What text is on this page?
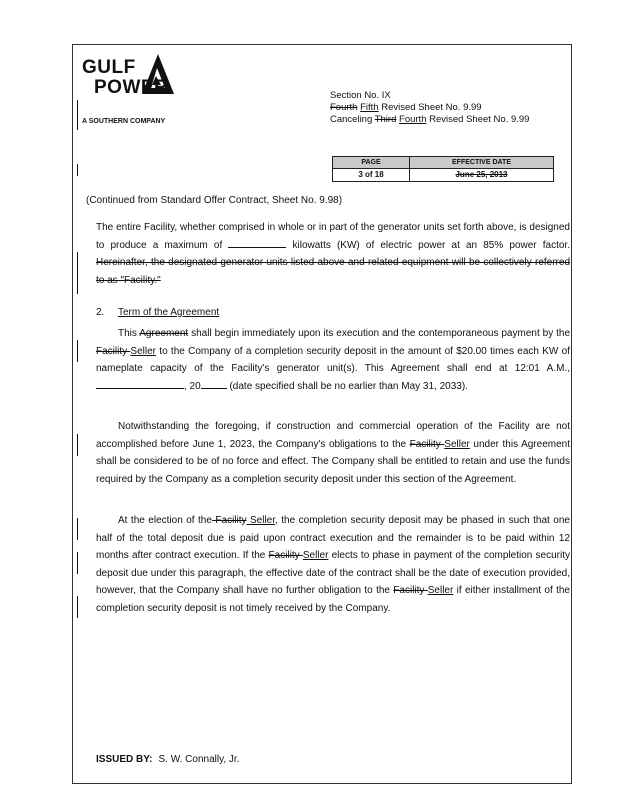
GULF
POWER
A SOUTHERN COMPANY
Section No. IX
Fourth Fifth Revised Sheet No. 9.99
Canceling Third Fourth Revised Sheet No. 9.99
PAGE
3 of 18
EFFECTIVE DATE
June 25, 2013
(Continued from Standard Offer Contract, Sheet No. 9.98)
The entire Facility, whether comprised in whole or in part of the generator units set forth above, is designed to produce a maximum of	kilowatts (KW) of electric power at an 85% power factor. Hereinafter, the designated generator units listed above and related equipment will be collectively referred to as "Facility."
2. Term of the Agreement
This Agreement shall begin immediately upon its execution and the contemporaneous payment by the Facility Seller to the Company of a completion security deposit in the amount of $20.00 times each KW of nameplate capacity of the Facility's generator unit(s). This Agreement shall end at 12:01 A.M., , 20	(date specified shall be no earlier than May 31, 2033).
Notwithstanding the foregoing, if construction and commercial operation of the Facility are not accomplished before June 1, 2023, the Company's obligations to the Facility Seller under this Agreement shall be considered to be of no force and effect. The Company shall be entitled to retain and use the funds required by the Company as a completion security deposit under this section of the Agreement.
At the election of the Facility Seller, the completion security deposit may be phased in such that one half of the total deposit due is paid upon contract execution and the remainder is to be paid within 12 months after contract execution. If the Facility Seller elects to phase in payment of the completion security deposit due under this paragraph, the effective date of the contract shall be the date of execution provided, however, that the Company shall have no further obligation to the Facility Seller if either installment of the completion security deposit is not timely received by the Company.
ISSUED BY: S. W. Connally, Jr.
